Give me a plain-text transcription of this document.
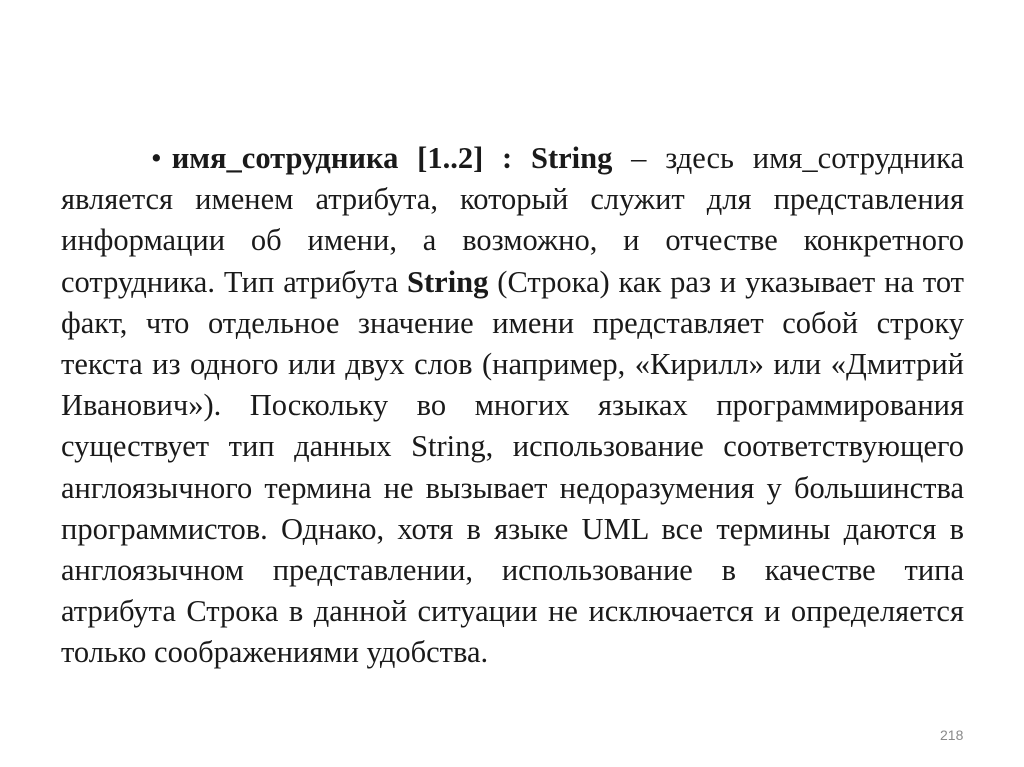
• имя_сотрудника [1..2] : String – здесь имя_сотрудника является именем атрибута, который служит для представления информации об имени, а возможно, и отчестве конкретного сотрудника. Тип атрибута String (Строка) как раз и указывает на тот факт, что отдельное значение имени представляет собой строку текста из одного или двух слов (например, «Кирилл» или «Дмитрий Иванович»). Поскольку во многих языках программирования существует тип данных String, использование соответствующего англоязычного термина не вызывает недоразумения у большинства программистов. Однако, хотя в языке UML все термины даются в англоязычном представлении, использование в качестве типа атрибута Строка в данной ситуации не исключается и определяется только соображениями удобства.

218
